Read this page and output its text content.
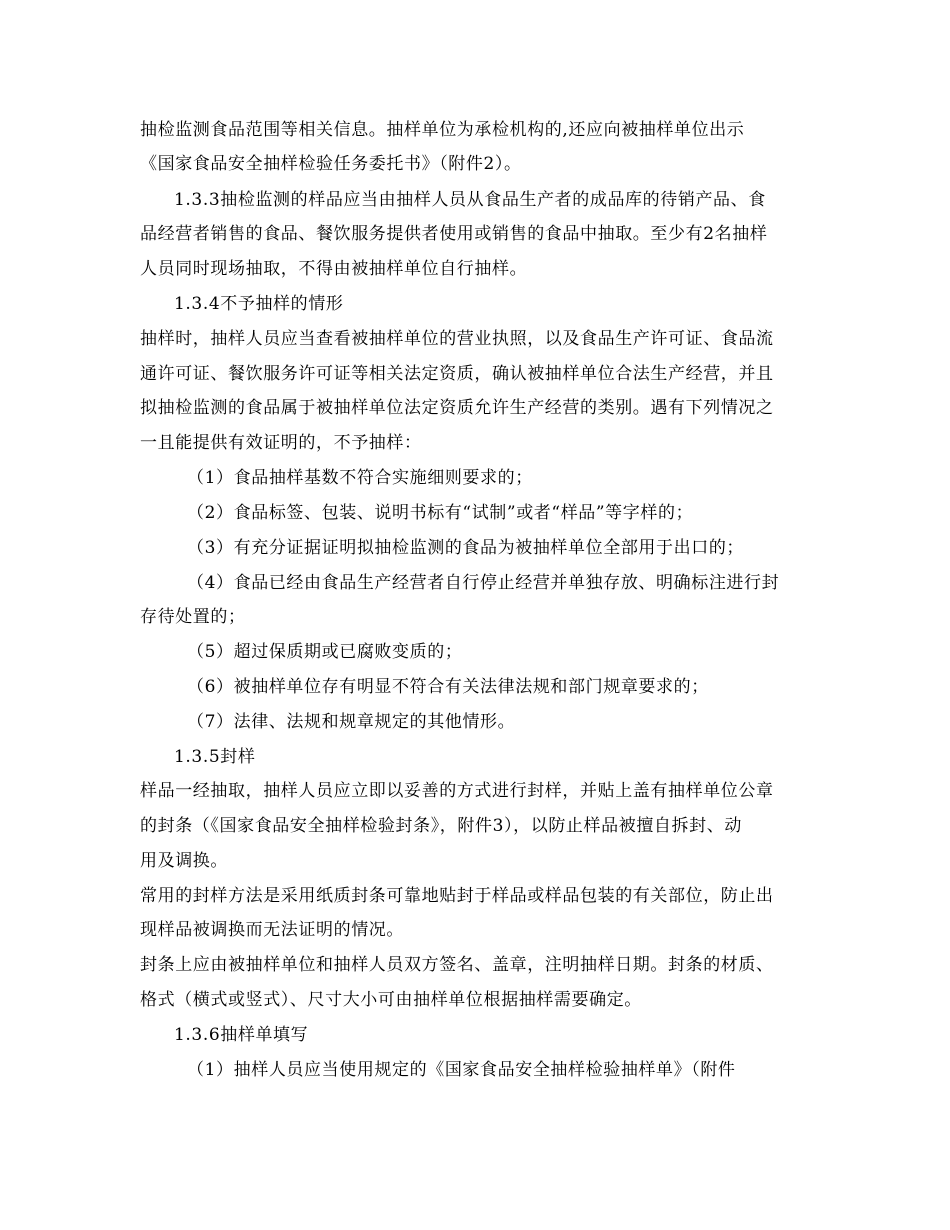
抽检监测食品范围等相关信息。抽样单位为承检机构的,还应向被抽样单位出示
《国家食品安全抽样检验任务委托书》（附件2）。
1.3.3抽检监测的样品应当由抽样人员从食品生产者的成品库的待销产品、食
品经营者销售的食品、餐饮服务提供者使用或销售的食品中抽取。至少有2名抽样
人员同时现场抽取，不得由被抽样单位自行抽样。
1.3.4不予抽样的情形
抽样时，抽样人员应当查看被抽样单位的营业执照，以及食品生产许可证、食品流
通许可证、餐饮服务许可证等相关法定资质，确认被抽样单位合法生产经营，并且
拟抽检监测的食品属于被抽样单位法定资质允许生产经营的类别。遇有下列情况之
一且能提供有效证明的，不予抽样：
（1）食品抽样基数不符合实施细则要求的；
（2）食品标签、包装、说明书标有“试制”或者“样品”等字样的；
（3）有充分证据证明拟抽检监测的食品为被抽样单位全部用于出口的；
（4）食品已经由食品生产经营者自行停止经营并单独存放、明确标注进行封
存待处置的；
（5）超过保质期或已腐败变质的；
（6）被抽样单位存有明显不符合有关法律法规和部门规章要求的；
（7）法律、法规和规章规定的其他情形。
1.3.5封样
样品一经抽取，抽样人员应立即以妥善的方式进行封样，并贴上盖有抽样单位公章
的封条（《国家食品安全抽样检验封条》，附件3），以防止样品被擅自拆封、动
用及调换。
常用的封样方法是采用纸质封条可靠地贴封于样品或样品包装的有关部位，防止出
现样品被调换而无法证明的情况。
封条上应由被抽样单位和抽样人员双方签名、盖章，注明抽样日期。封条的材质、
格式（横式或竖式）、尺寸大小可由抽样单位根据抽样需要确定。
1.3.6抽样单填写
（1）抽样人员应当使用规定的《国家食品安全抽样检验抽样单》（附件
